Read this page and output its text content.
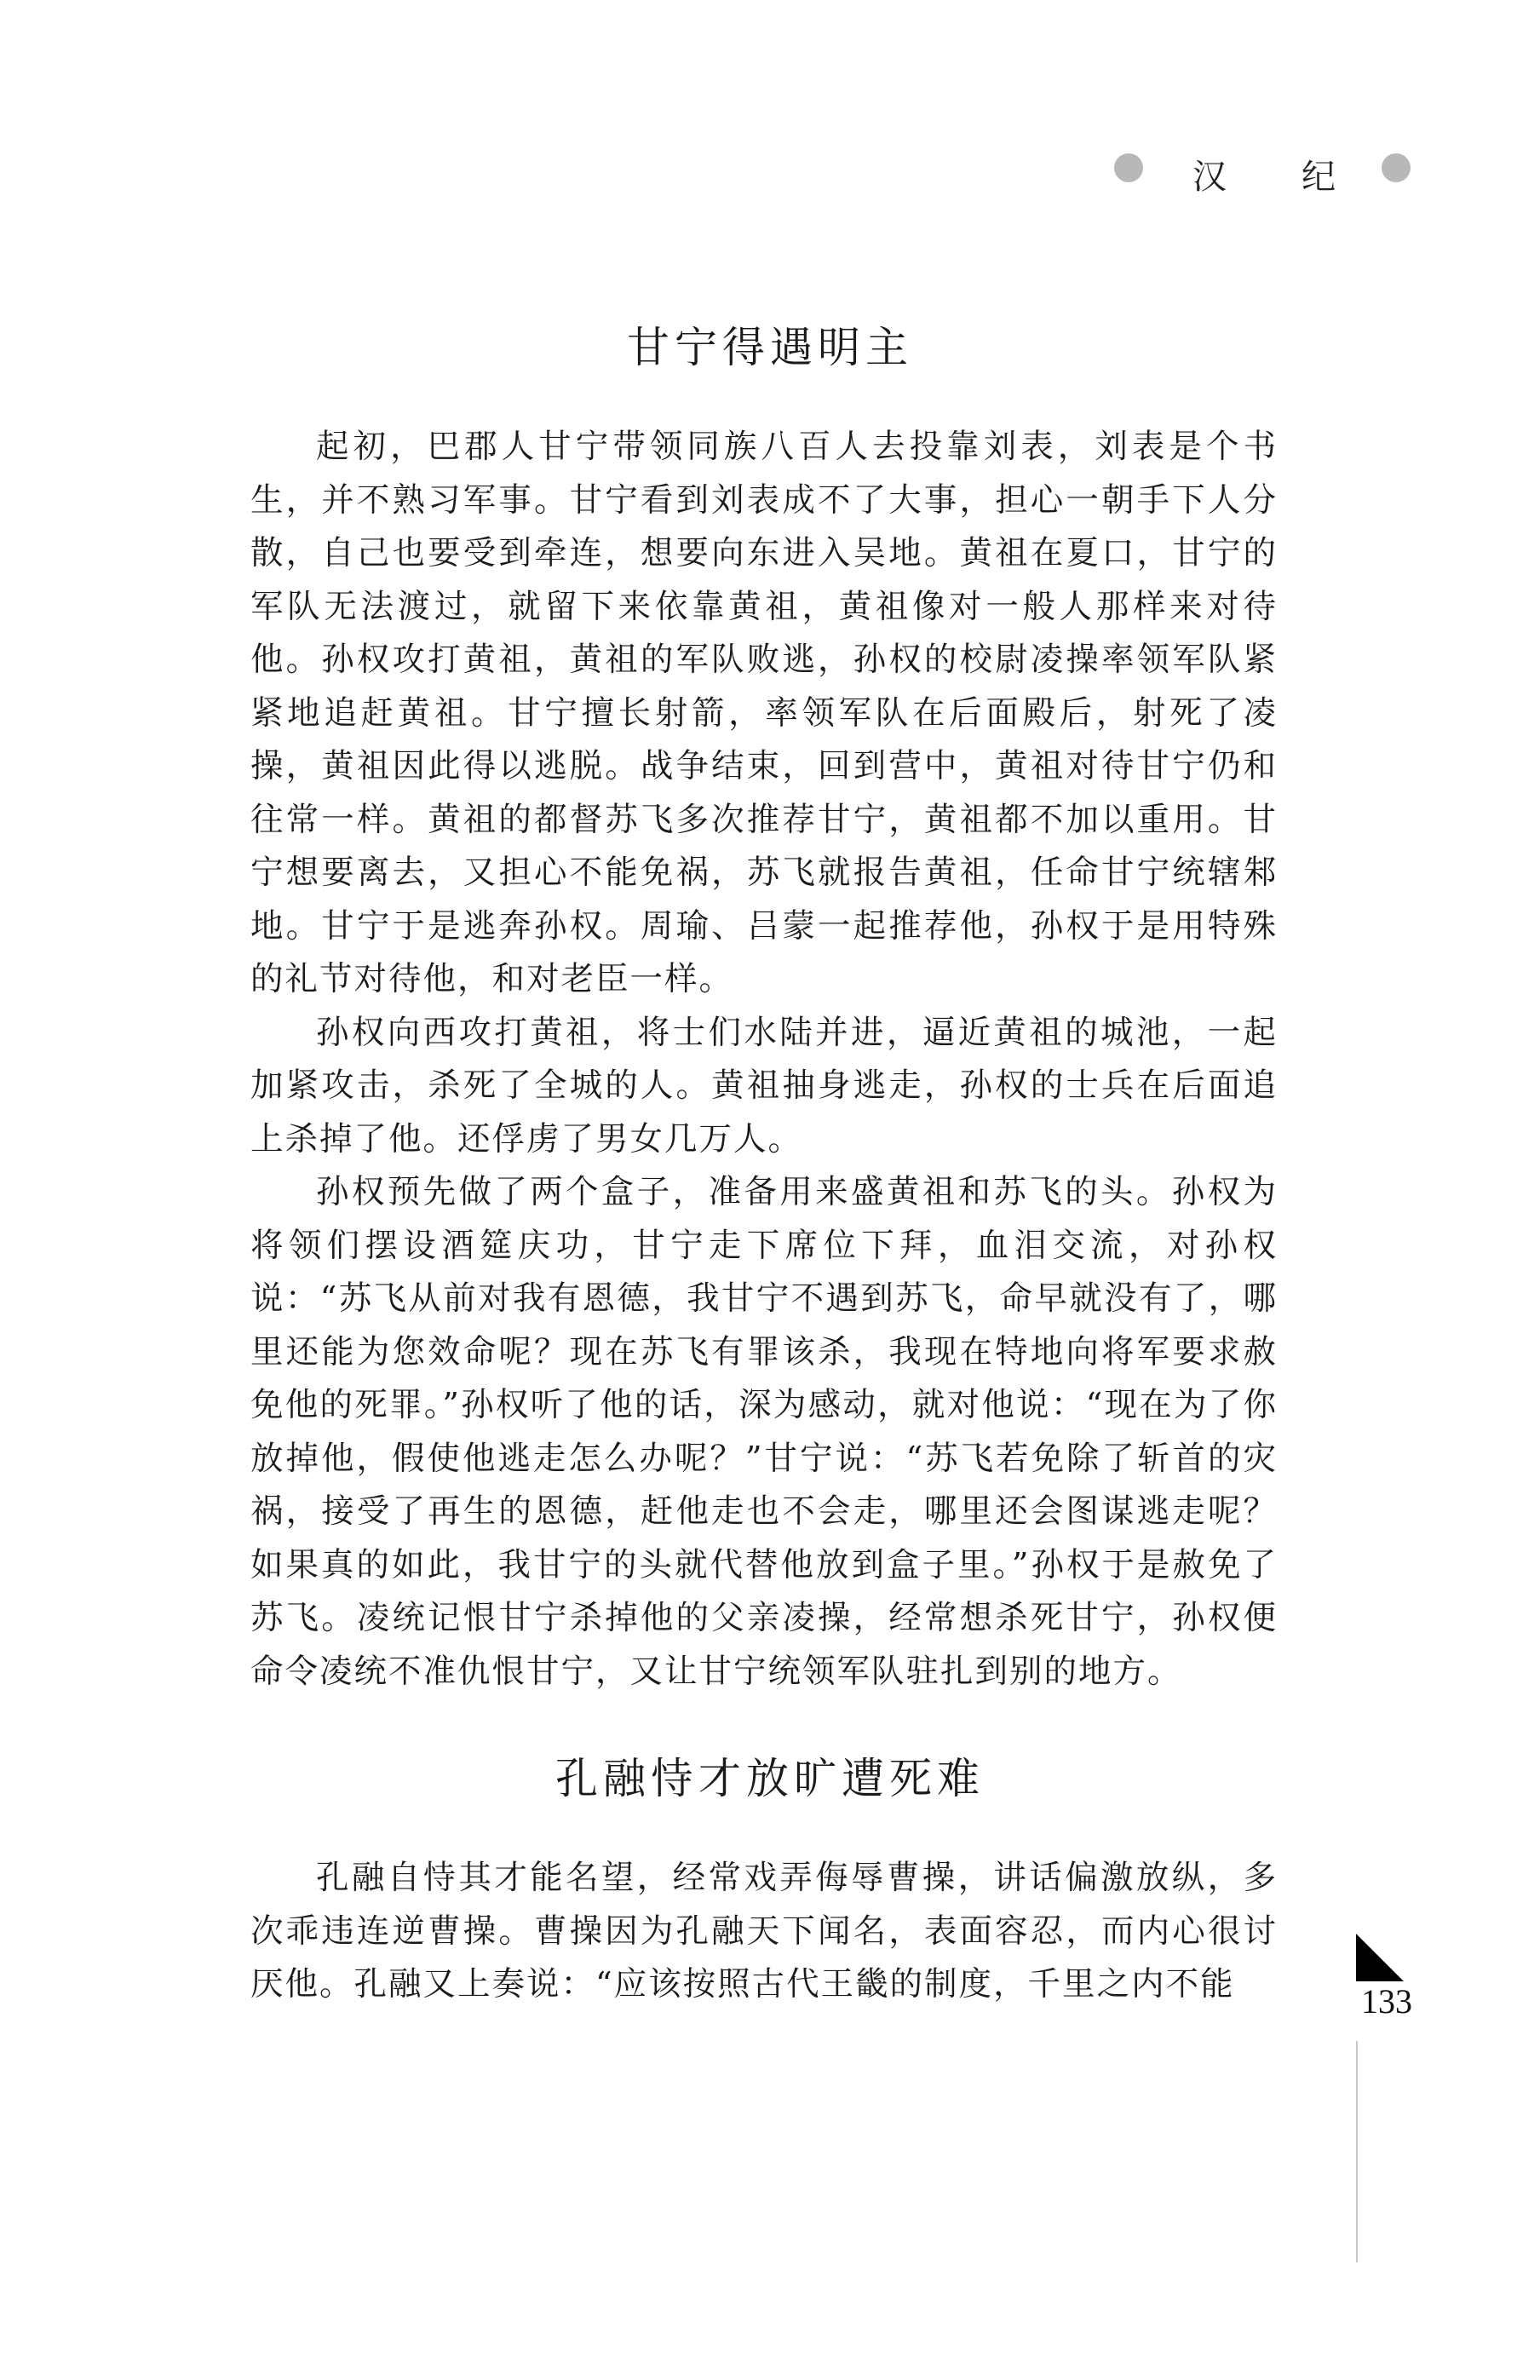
汉 纪
甘宁得遇明主

起初，巴郡人甘宁带领同族八百人去投靠刘表，刘表是个书生，并不熟习军事。甘宁看到刘表成不了大事，担心一朝手下人分散，自己也要受到牵连，想要向东进入吴地。黄祖在夏口，甘宁的军队无法渡过，就留下来依靠黄祖，黄祖像对一般人那样来对待他。孙权攻打黄祖，黄祖的军队败逃，孙权的校尉凌操率领军队紧紧地追赶黄祖。甘宁擅长射箭，率领军队在后面殿后，射死了凌操，黄祖因此得以逃脱。战争结束，回到营中，黄祖对待甘宁仍和往常一样。黄祖的都督苏飞多次推荐甘宁，黄祖都不加以重用。甘宁想要离去，又担心不能免祸，苏飞就报告黄祖，任命甘宁统辖邾地。甘宁于是逃奔孙权。周瑜、吕蒙一起推荐他，孙权于是用特殊的礼节对待他，和对老臣一样。

孙权向西攻打黄祖，将士们水陆并进，逼近黄祖的城池，一起加紧攻击，杀死了全城的人。黄祖抽身逃走，孙权的士兵在后面追上杀掉了他。还俘虏了男女几万人。

孙权预先做了两个盒子，准备用来盛黄祖和苏飞的头。孙权为将领们摆设酒筵庆功，甘宁走下席位下拜，血泪交流，对孙权说：“苏飞从前对我有恩德，我甘宁不遇到苏飞，命早就没有了，哪里还能为您效命呢？现在苏飞有罪该杀，我现在特地向将军要求赦免他的死罪。”孙权听了他的话，深为感动，就对他说：“现在为了你放掉他，假使他逃走怎么办呢？”甘宁说：“苏飞若免除了斩首的灾祸，接受了再生的恩德，赶他走也不会走，哪里还会图谋逃走呢？如果真的如此，我甘宁的头就代替他放到盒子里。”孙权于是赦免了苏飞。凌统记恨甘宁杀掉他的父亲凌操，经常想杀死甘宁，孙权便命令凌统不准仇恨甘宁，又让甘宁统领军队驻扎到别的地方。

孔融恃才放旷遭死难

孔融自恃其才能名望，经常戏弄侮辱曹操，讲话偏激放纵，多次乖违连逆曹操。曹操因为孔融天下闻名，表面容忍，而内心很讨厌他。孔融又上奏说：“应该按照古代王畿的制度，千里之内不能	133
